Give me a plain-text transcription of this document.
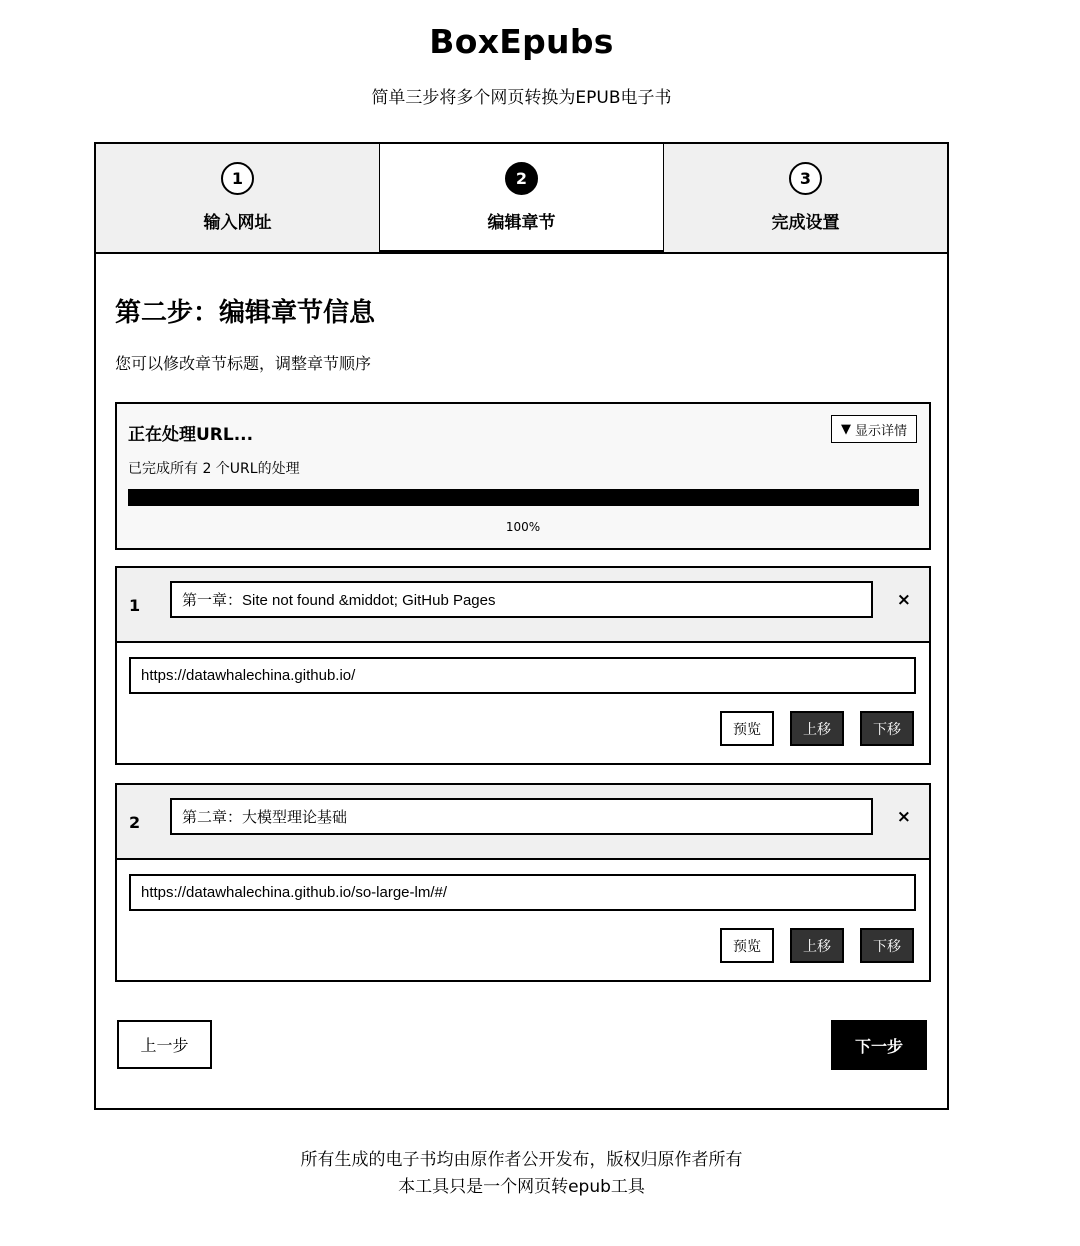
BoxEpubs
简单三步将多个网页转换为EPUB电子书
1
输入网址
2
编辑章节
3
完成设置
第二步：编辑章节信息
您可以修改章节标题，调整章节顺序
正在处理URL...	▼ 显示详情
已完成所有 2 个URL的处理
100%
1
第一章：Site not found &middot; GitHub Pages	×
https://datawhalechina.github.io/
预览	上移	下移
2
第二章：大模型理论基础	×
https://datawhalechina.github.io/so-large-lm/#/
预览	上移	下移
上一步	下一步
所有生成的电子书均由原作者公开发布，版权归原作者所有
本工具只是一个网页转epub工具
